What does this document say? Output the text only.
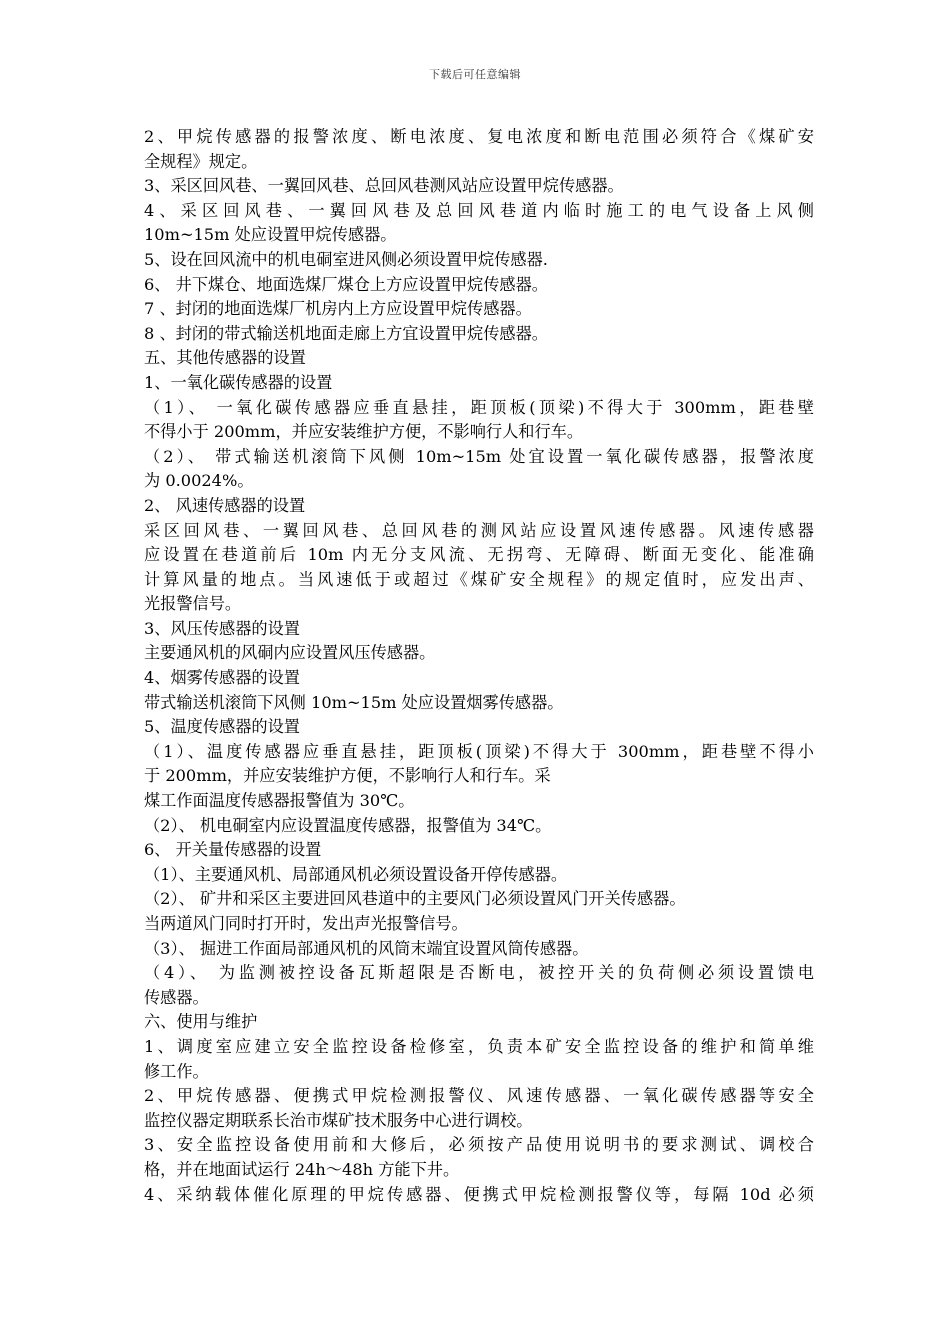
下载后可任意编辑
2、甲烷传感器的报警浓度、断电浓度、复电浓度和断电范围必须符合《煤矿安
全规程》规定。
3、采区回风巷、一翼回风巷、总回风巷测风站应设置甲烷传感器。
4、采区回风巷、一翼回风巷及总回风巷道内临时施工的电气设备上风侧
10m~15m 处应设置甲烷传感器。
5、设在回风流中的机电硐室进风侧必须设置甲烷传感器.
6、 井下煤仓、地面选煤厂煤仓上方应设置甲烷传感器。
7 、封闭的地面选煤厂机房内上方应设置甲烷传感器。
8 、封闭的带式输送机地面走廊上方宜设置甲烷传感器。
五、其他传感器的设置
1、一氧化碳传感器的设置
（1）、 一氧化碳传感器应垂直悬挂，距顶板(顶梁)不得大于 300mm，距巷壁
不得小于 200mm，并应安装维护方便，不影响行人和行车。
（2）、 带式输送机滚筒下风侧 10m~15m 处宜设置一氧化碳传感器，报警浓度
为 0.0024%。
2、 风速传感器的设置
采区回风巷、一翼回风巷、总回风巷的测风站应设置风速传感器。风速传感器
应设置在巷道前后 10m 内无分支风流、无拐弯、无障碍、断面无变化、能准确
计算风量的地点。当风速低于或超过《煤矿安全规程》的规定值时，应发出声、
光报警信号。
3、风压传感器的设置
主要通风机的风硐内应设置风压传感器。
4、烟雾传感器的设置
带式输送机滚筒下风侧 10m~15m 处应设置烟雾传感器。
5、温度传感器的设置
（1）、温度传感器应垂直悬挂，距顶板(顶梁)不得大于 300mm，距巷壁不得小
于 200mm，并应安装维护方便，不影响行人和行车。采
煤工作面温度传感器报警值为 30℃。
（2）、 机电硐室内应设置温度传感器，报警值为 34℃。
6、 开关量传感器的设置
（1）、主要通风机、局部通风机必须设置设备开停传感器。
（2）、 矿井和采区主要进回风巷道中的主要风门必须设置风门开关传感器。
当两道风门同时打开时，发出声光报警信号。
（3）、 掘进工作面局部通风机的风筒末端宜设置风筒传感器。
（4）、 为监测被控设备瓦斯超限是否断电，被控开关的负荷侧必须设置馈电
传感器。
六、使用与维护
1、调度室应建立安全监控设备检修室，负责本矿安全监控设备的维护和简单维
修工作。
2、甲烷传感器、便携式甲烷检测报警仪、风速传感器、一氧化碳传感器等安全
监控仪器定期联系长治市煤矿技术服务中心进行调校。
3、安全监控设备使用前和大修后，必须按产品使用说明书的要求测试、调校合
格，并在地面试运行 24h～48h 方能下井。
4、采纳载体催化原理的甲烷传感器、便携式甲烷检测报警仪等，每隔 10d 必须
